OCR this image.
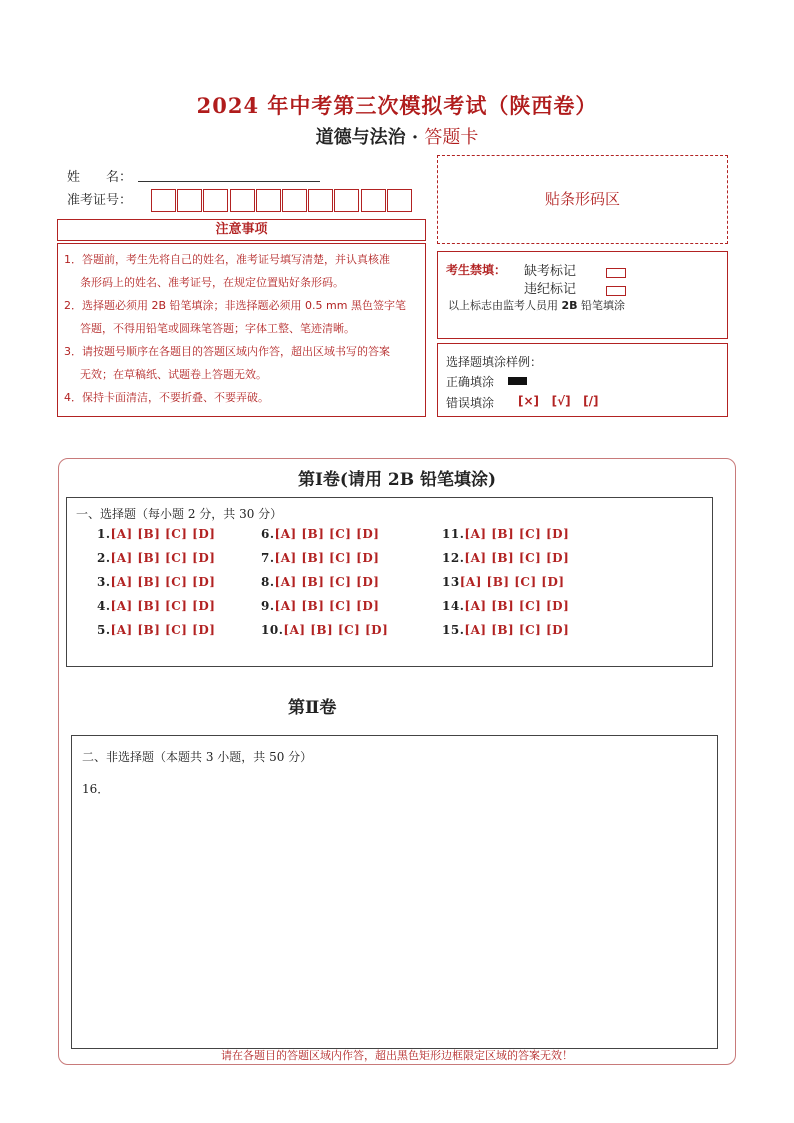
2024 年中考第三次模拟考试（陕西卷）
道德与法治 · 答题卡
姓　　名：
准考证号：
注意事项

1．答题前，考生先将自己的姓名，准考证号填写清楚，并认真核准

条形码上的姓名、准考证号，在规定位置贴好条形码。

2．选择题必须用 2B 铅笔填涂；非选择题必须用 0.5 mm 黑色签字笔

答题，不得用铅笔或圆珠笔答题；字体工整、笔迹清晰。

3．请按题号顺序在各题目的答题区域内作答，超出区域书写的答案

无效；在草稿纸、试题卷上答题无效。

4．保持卡面清洁，不要折叠、不要弄破。

贴条形码区
考生禁填： 缺考标记
违纪标记
以上标志由监考人员用 2B 铅笔填涂
选择题填涂样例：
正确填涂
错误填涂 [×] [√] [/]
第Ⅰ卷(请用 2B 铅笔填涂)
一、选择题（每小题 2 分，共 30 分）
1.[A] [B] [C] [D]
2.[A] [B] [C] [D]
3.[A] [B] [C] [D]
4.[A] [B] [C] [D]
5.[A] [B] [C] [D]
6.[A] [B] [C] [D]
7.[A] [B] [C] [D]
8.[A] [B] [C] [D]
9.[A] [B] [C] [D]
10.[A] [B] [C] [D]
11.[A] [B] [C] [D]
12.[A] [B] [C] [D]
13[A] [B] [C] [D]
14.[A] [B] [C] [D]
15.[A] [B] [C] [D]
第Ⅱ卷
二、非选择题（本题共 3 小题，共 50 分）
16．
请在各题目的答题区域内作答，超出黑色矩形边框限定区域的答案无效！
